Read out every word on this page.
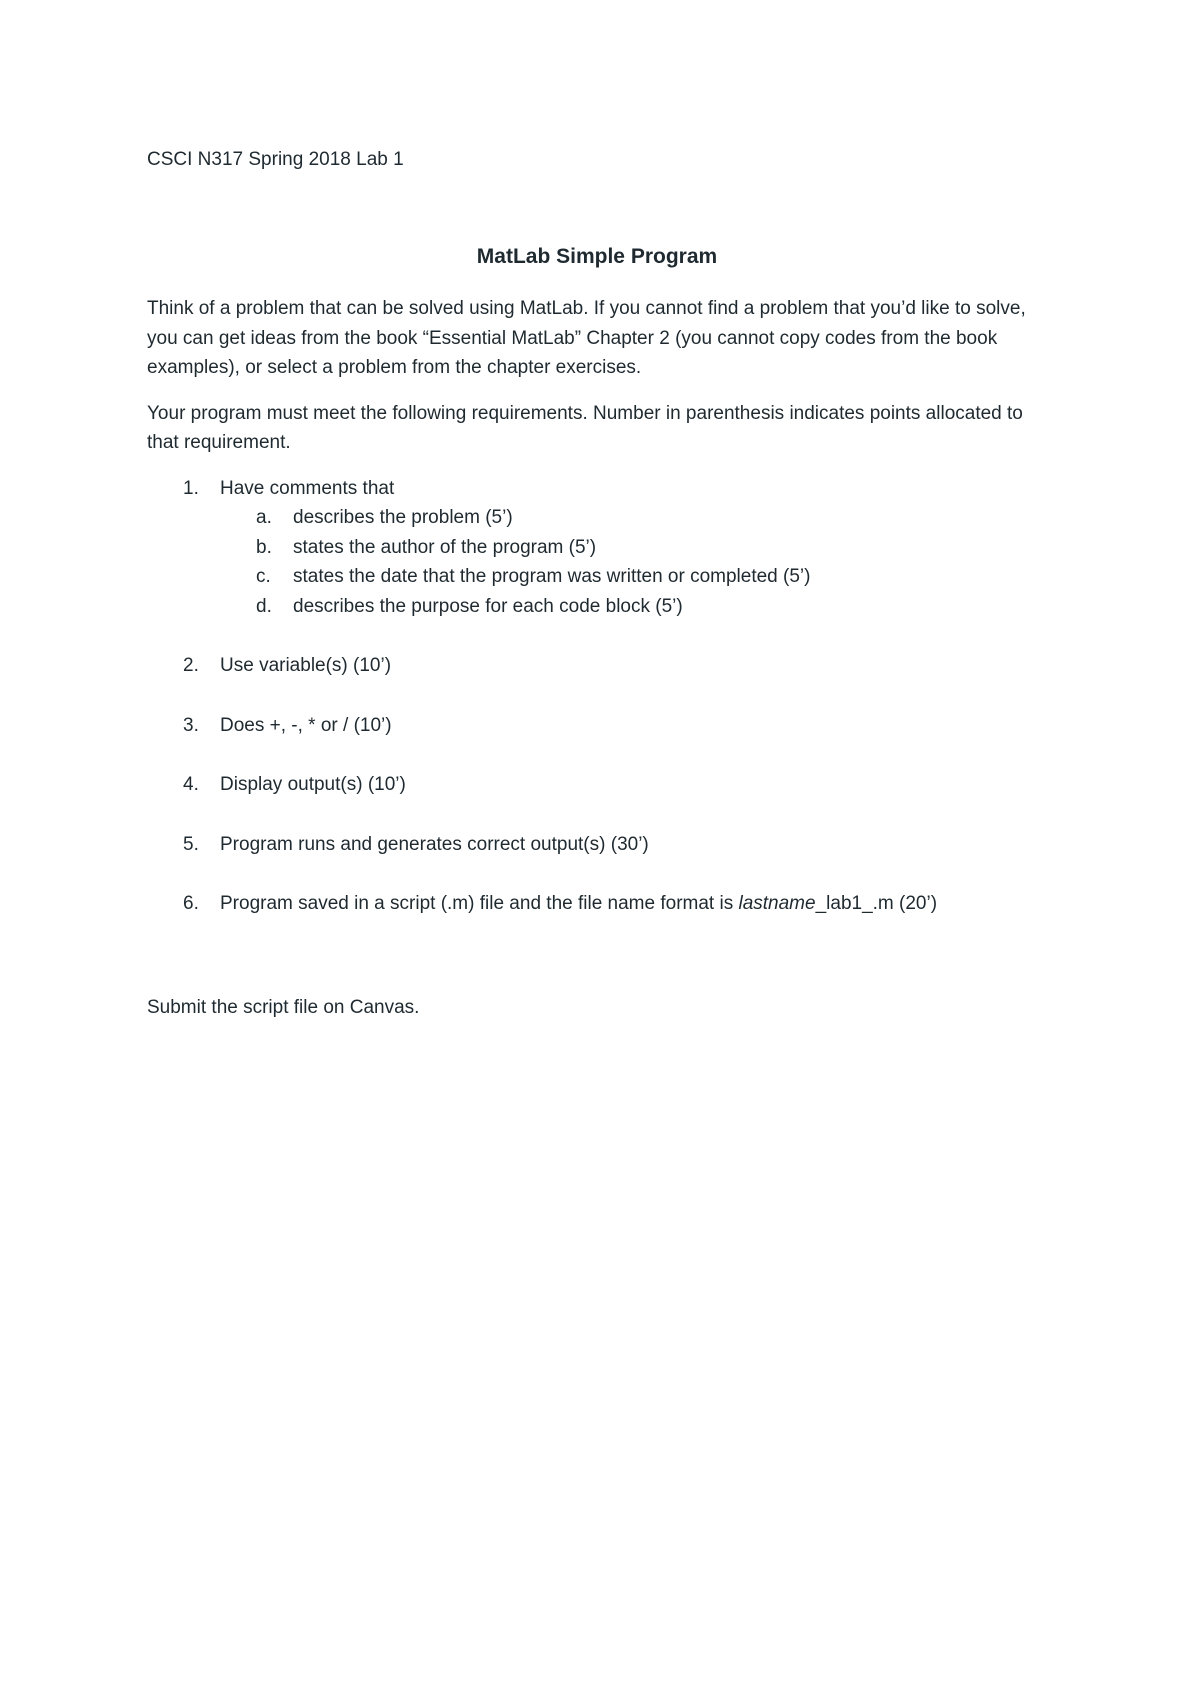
CSCI N317 Spring 2018 Lab 1

MatLab Simple Program

Think of a problem that can be solved using MatLab. If you cannot find a problem that you’d like to solve, you can get ideas from the book “Essential MatLab” Chapter 2 (you cannot copy codes from the book examples), or select a problem from the chapter exercises.

Your program must meet the following requirements. Number in parenthesis indicates points allocated to that requirement.

1. Have comments that
a. describes the problem (5’)
b. states the author of the program (5’)
c. states the date that the program was written or completed (5’)
d. describes the purpose for each code block (5’)
2. Use variable(s) (10’)
3. Does +, -, * or / (10’)
4. Display output(s) (10’)
5. Program runs and generates correct output(s) (30’)
6. Program saved in a script (.m) file and the file name format is lastname_lab1_.m (20’)

Submit the script file on Canvas.
